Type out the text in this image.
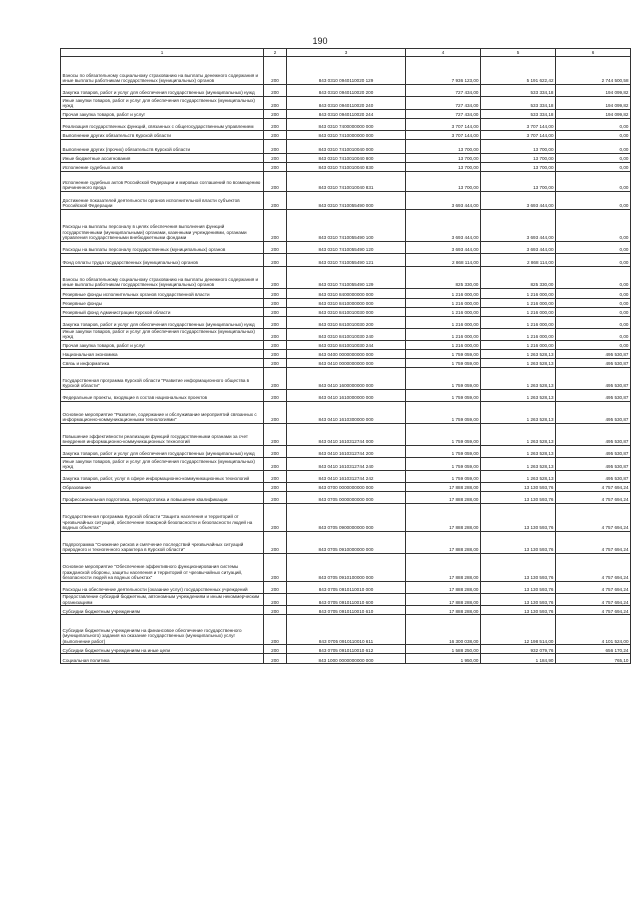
190
1	2	3	4	5	6
Взносы по обязательному социальному страхованию на выплаты денежного содержания и иные выплаты работникам государственных (муниципальных) органов	200	843 0310 0940110020 129	7 936 123,00	5 191 622,42	2 744 500,58
Закупка товаров, работ и услуг для обеспечения государственных (муниципальных) нужд	200	843 0310 0940110020 200	727 434,00	533 334,18	194 099,82
Иные закупки товаров, работ и услуг для обеспечения государственных (муниципальных) нужд	200	843 0310 0940110020 240	727 434,00	533 334,18	194 099,82
Прочая закупка товаров, работ и услуг	200	843 0310 0940110020 244	727 434,00	533 334,18	194 099,82
Реализация государственных функций, связанных с общегосударственным управлением	200	843 0310 7400000000 000	3 707 144,00	3 707 144,00	0,00
Выполнение других обязательств Курской области	200	843 0310 7410000000 000	3 707 144,00	3 707 144,00	0,00
Выполнение других (прочих) обязательств Курской области	200	843 0310 7410010040 000	13 700,00	13 700,00	0,00
Иные бюджетные ассигнования	200	843 0310 7410010040 800	13 700,00	13 700,00	0,00
Исполнение судебных актов	200	843 0310 7410010040 830	13 700,00	13 700,00	0,00
Исполнение судебных актов Российской Федерации и мировых соглашений по возмещению причиненного вреда	200	843 0310 7410010040 831	13 700,00	13 700,00	0,00
Достижение показателей деятельности органов исполнительной власти субъектов Российской Федерации	200	843 0310 7410055490 000	3 693 444,00	3 693 444,00	0,00
Расходы на выплаты персоналу в целях обеспечения выполнения функций государственными (муниципальными) органами, казенными учреждениями, органами управления государственными внебюджетными фондами	200	843 0310 7410055490 100	3 693 444,00	3 693 444,00	0,00
Расходы на выплаты персоналу государственных (муниципальных) органов	200	843 0310 7410055490 120	3 693 444,00	3 693 444,00	0,00
Фонд оплаты труда государственных (муниципальных) органов	200	843 0310 7410055490 121	2 868 114,00	2 868 114,00	0,00
Взносы по обязательному социальному страхованию на выплаты денежного содержания и иные выплаты работникам государственных (муниципальных) органов	200	843 0310 7410055490 129	825 330,00	825 330,00	0,00
Резервные фонды исполнительных органов государственной власти	200	843 0310 8400000000 000	1 216 000,00	1 216 000,00	0,00
Резервные фонды	200	843 0310 8410000000 000	1 216 000,00	1 216 000,00	0,00
Резервный фонд Администрации Курской области	200	843 0310 8410010030 000	1 216 000,00	1 216 000,00	0,00
Закупка товаров, работ и услуг для обеспечения государственных (муниципальных) нужд	200	843 0310 8410010030 200	1 216 000,00	1 216 000,00	0,00
Иные закупки товаров, работ и услуг для обеспечения государственных (муниципальных) нужд	200	843 0310 8410010030 240	1 216 000,00	1 216 000,00	0,00
Прочая закупка товаров, работ и услуг	200	843 0310 8410010030 244	1 216 000,00	1 216 000,00	0,00
Национальная экономика	200	843 0400 0000000000 000	1 759 059,00	1 263 528,13	495 530,87
Связь и информатика	200	843 0410 0000000000 000	1 759 059,00	1 263 528,13	495 530,87
Государственная программа Курской области "Развитие информационного общества в Курской области"	200	843 0410 1600000000 000	1 759 059,00	1 263 528,13	495 530,87
Федеральные проекты, входящие в состав национальных проектов	200	843 0410 1610000000 000	1 759 059,00	1 263 528,13	495 530,87
Основное мероприятие "Развитие, содержание и обслуживание мероприятий связанных с информационно-коммуникационными технологиями"	200	843 0410 1610300000 000	1 759 059,00	1 263 528,13	495 530,87
Повышение эффективности реализации функций государственными органами за счет внедрения информационно-коммуникационных технологий	200	843 0410 1610312744 000	1 759 059,00	1 263 528,13	495 530,87
Закупка товаров, работ и услуг для обеспечения государственных (муниципальных) нужд	200	843 0410 1610312744 200	1 759 059,00	1 263 528,13	495 530,87
Иные закупки товаров, работ и услуг для обеспечения государственных (муниципальных) нужд	200	843 0410 1610312744 240	1 759 059,00	1 263 528,13	495 530,87
Закупка товаров, работ, услуг в сфере информационно-коммуникационных технологий	200	843 0410 1610312744 242	1 759 059,00	1 263 528,13	495 530,87
Образование	200	843 0700 0000000000 000	17 888 288,00	13 130 593,76	4 757 694,24
Профессиональная подготовка, переподготовка и повышение квалификации	200	843 0705 0000000000 000	17 888 288,00	13 130 593,76	4 757 694,24
Государственная программа Курской области "Защита населения и территорий от чрезвычайных ситуаций, обеспечение пожарной безопасности и безопасности людей на водных объектах"	200	843 0705 0900000000 000	17 888 288,00	13 130 593,76	4 757 694,24
Подпрограмма "Снижение рисков и смягчение последствий чрезвычайных ситуаций природного и техногенного характера в Курской области"	200	843 0705 0910000000 000	17 888 288,00	13 130 593,76	4 757 694,24
Основное мероприятие "Обеспечение эффективного функционирования системы гражданской обороны, защиты населения и территорий от чрезвычайных ситуаций, безопасности людей на водных объектах"	200	843 0705 0910100000 000	17 888 288,00	13 130 593,76	4 757 694,24
Расходы на обеспечение деятельности (оказание услуг) государственных учреждений	200	843 0705 0910110010 000	17 888 288,00	13 130 593,76	4 757 694,24
Предоставление субсидий бюджетным, автономным учреждениям и иным некоммерческим организациям	200	843 0705 0910110010 600	17 888 288,00	13 130 593,76	4 757 694,24
Субсидии бюджетным учреждениям	200	843 0705 0910110010 610	17 888 288,00	13 130 593,76	4 757 694,24
Субсидии бюджетным учреждениям на финансовое обеспечение государственного (муниципального) задания на оказание государственных (муниципальных) услуг (выполнение работ)	200	843 0705 0910110010 611	16 300 038,00	12 198 514,00	4 101 524,00
Субсидии бюджетным учреждениям на иные цели	200	843 0705 0910110010 612	1 588 250,00	932 079,76	656 170,24
Социальная политика	200	843 1000 0000000000 000	1 950,00	1 184,90	765,10
